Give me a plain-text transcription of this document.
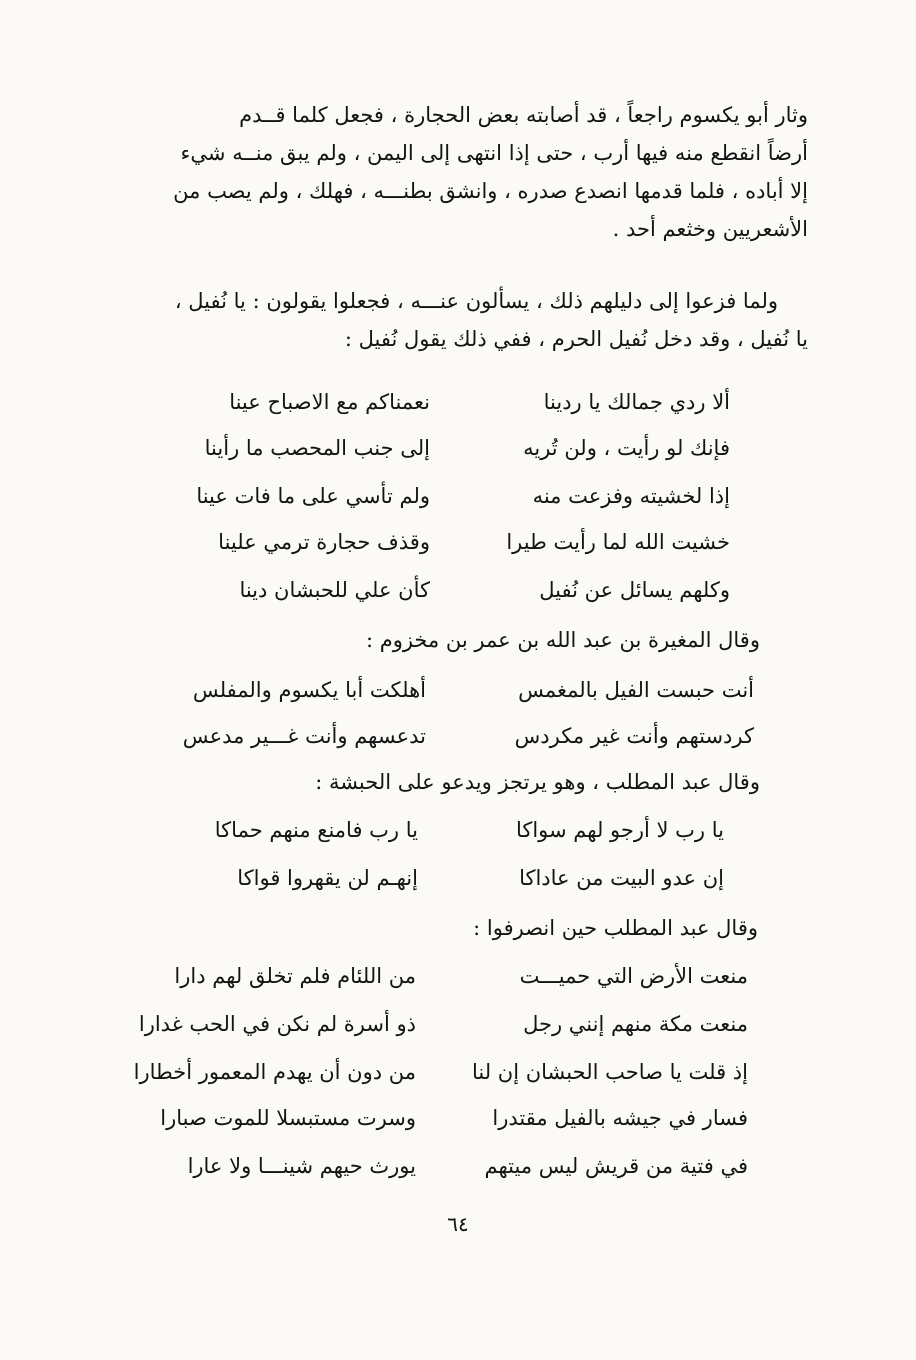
وثار أبو يكسوم راجعاً ، قد أصابته بعض الحجارة ، فجعل كلما قــدم

أرضاً انقطع منه فيها أرب ، حتى إذا انتهى إلى اليمن ، ولم يبق منــه شيء

إلا أباده ، فلما قدمها انصدع صدره ، وانشق بطنـــه ، فهلك ، ولم يصب من

الأشعريين وخثعم أحد .

ولما فزعوا إلى دليلهم ذلك ، يسألون عنـــه ، فجعلوا يقولون : يا نُفيل ،

يا نُفيل ، وقد دخل نُفيل الحرم ، ففي ذلك يقول نُفيل :

ألا ردي جمالك يا ردينا
نعمناكم مع الاصباح عينا
فإنك لو رأيت ، ولن تُريه
إلى جنب المحصب ما رأينا
إذا لخشيته وفزعت منه
ولم تأسي على ما فات عينا
خشيت الله لما رأيت طيرا
وقذف حجارة ترمي علينا
وكلهم يسائل عن نُفيل
كأن علي للحبشان دينا
وقال المغيرة بن عبد الله بن عمر بن مخزوم :
أنت حبست الفيل بالمغمس
أهلكت أبا يكسوم والمفلس
كردستهم وأنت غير مكردس
تدعسهم وأنت غـــير مدعس
وقال عبد المطلب ، وهو يرتجز ويدعو على الحبشة :
يا رب لا أرجو لهم سواكا
يا رب فامنع منهم حماكا
إن عدو البيت من عاداكا
إنهـم لن يقهروا قواكا
وقال عبد المطلب حين انصرفوا :
منعت الأرض التي حميـــت
من اللئام فلم تخلق لهم دارا
منعت مكة منهم إنني رجل
ذو أسرة لم نكن في الحب غدارا
إذ قلت يا صاحب الحبشان إن لنا
من دون أن يهدم المعمور أخطارا
فسار في جيشه بالفيل مقتدرا
وسرت مستبسلا للموت صبارا
في فتية من قريش ليس ميتهم
يورث حيهم شينـــا ولا عارا
٦٤
